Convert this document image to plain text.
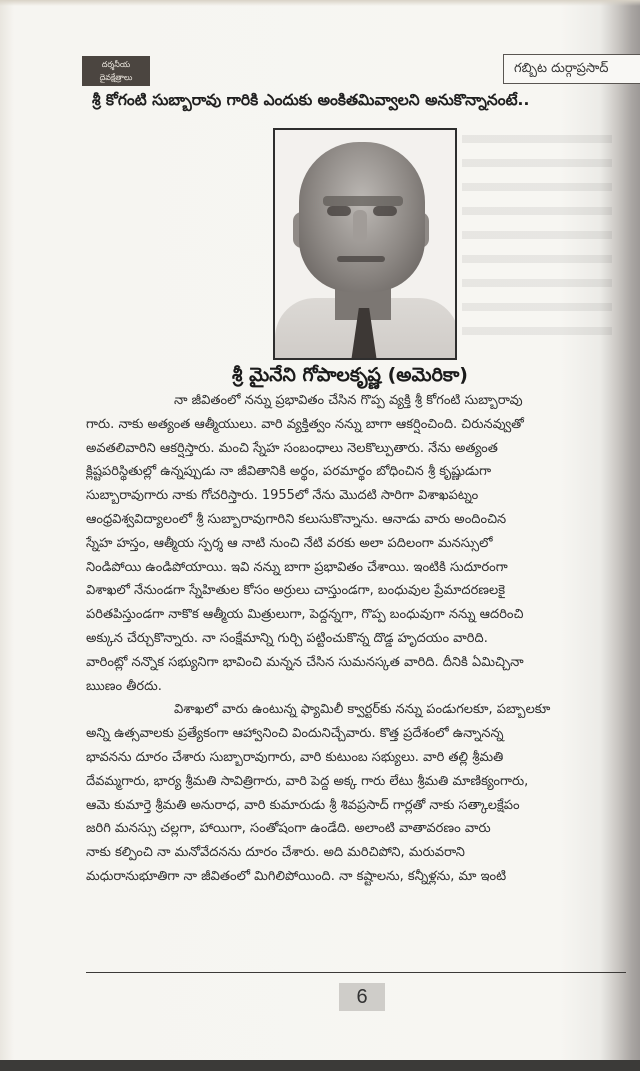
దర్శనీయ
దైవక్షేత్రాలు
గబ్బిట దుర్గాప్రసాద్
శ్రీ కోగంటి సుబ్బారావు గారికి ఎందుకు అంకితమివ్వాలని అనుకొన్నానంటే..
శ్రీ మైనేని గోపాలకృష్ణ (అమెరికా)
నా జీవితంలో నన్ను ప్రభావితం చేసిన గొప్ప వ్యక్తి శ్రీ కోగంటి సుబ్బారావు
గారు. నాకు అత్యంత ఆత్మీయులు. వారి వ్యక్తిత్వం నన్ను బాగా ఆకర్షించింది. చిరునవ్వుతో
అవతలివారిని ఆకర్షిస్తారు. మంచి స్నేహ సంబంధాలు నెలకొల్పుతారు. నేను అత్యంత
క్లిష్టపరిస్థితుల్లో ఉన్నప్పుడు నా జీవితానికి అర్థం, పరమార్థం బోధించిన శ్రీ కృష్ణుడుగా
సుబ్బారావుగారు నాకు గోచరిస్తారు. 1955లో నేను మొదటి సారిగా విశాఖపట్నం
ఆంధ్రవిశ్వవిద్యాలంలో శ్రీ సుబ్బారావుగారిని కలుసుకొన్నాను. ఆనాడు వారు అందించిన
స్నేహ హస్తం, ఆత్మీయ స్పర్శ ఆ నాటి నుంచి నేటి వరకు అలా పదిలంగా మనస్సులో
నిండిపోయి ఉండిపోయాయి. ఇవి నన్ను బాగా ప్రభావితం చేశాయి. ఇంటికి సుదూరంగా
విశాఖలో నేనుండగా స్నేహితుల కోసం అర్రులు చాస్తుండగా, బంధువుల ప్రేమాదరణలకై
పరితపిస్తుండగా నాకొక ఆత్మీయ మిత్రులుగా, పెద్దన్నగా, గొప్ప బంధువుగా నన్ను ఆదరించి
అక్కున చేర్చుకొన్నారు. నా సంక్షేమాన్ని గుర్చి పట్టించుకొన్న దొడ్డ హృదయం వారిది.
వారింట్లో నన్నొక సభ్యునిగా భావించి మన్నన చేసిన సుమనస్కత వారిది. దీనికి ఏమిచ్చినా
ఋణం తీరదు.
విశాఖలో వారు ఉంటున్న ఫ్యామిలీ క్వార్టర్‌కు నన్ను పండుగలకూ, పబ్బాలకూ
అన్ని ఉత్సవాలకు ప్రత్యేకంగా ఆహ్వానించి విందునిచ్చేవారు. కొత్త ప్రదేశంలో ఉన్నానన్న
భావనను దూరం చేశారు సుబ్బారావుగారు, వారి కుటుంబ సభ్యులు. వారి తల్లి శ్రీమతి
దేవమ్మగారు, భార్య శ్రీమతి సావిత్రిగారు, వారి పెద్ద అక్క గారు లేటు శ్రీమతి మాణిక్యంగారు,
ఆమె కుమార్తె శ్రీమతి అనురాధ, వారి కుమారుడు శ్రీ శివప్రసాద్ గార్లతో నాకు సత్కాలక్షేపం
జరిగి మనస్సు చల్లగా, హాయిగా, సంతోషంగా ఉండేది. అలాంటి వాతావరణం వారు
నాకు కల్పించి నా మనోవేదనను దూరం చేశారు. అది మరిచిపోని, మరువరాని
మధురానుభూతిగా నా జీవితంలో మిగిలిపోయింది. నా కష్టాలను, కన్నీళ్లను, మా ఇంటి
6
